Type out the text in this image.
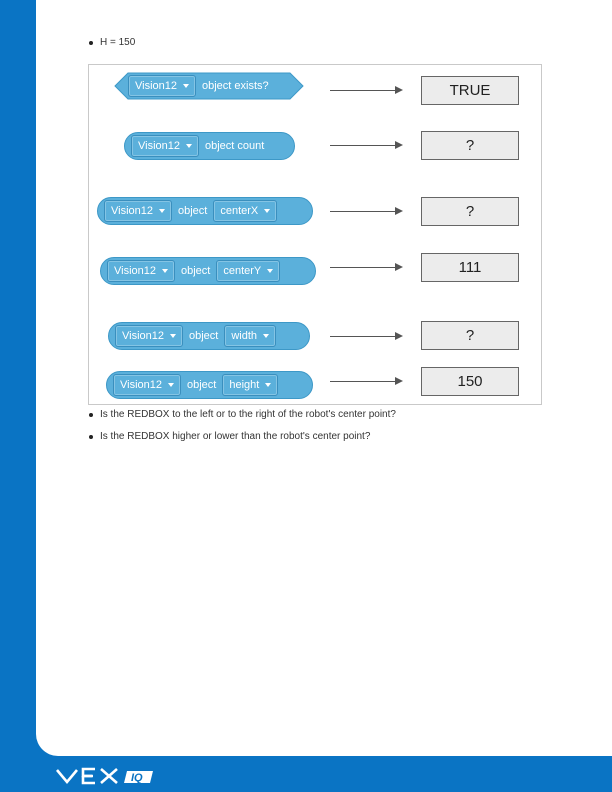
H = 150
Vision12 object exists?	TRUE
Vision12 object count	?
Vision12 object centerX	?
Vision12 object centerY	111
Vision12 object width	?
Vision12 object height	150
Is the REDBOX to the left or to the right of the robot's center point?
Is the REDBOX higher or lower than the robot's center point?
IQ
